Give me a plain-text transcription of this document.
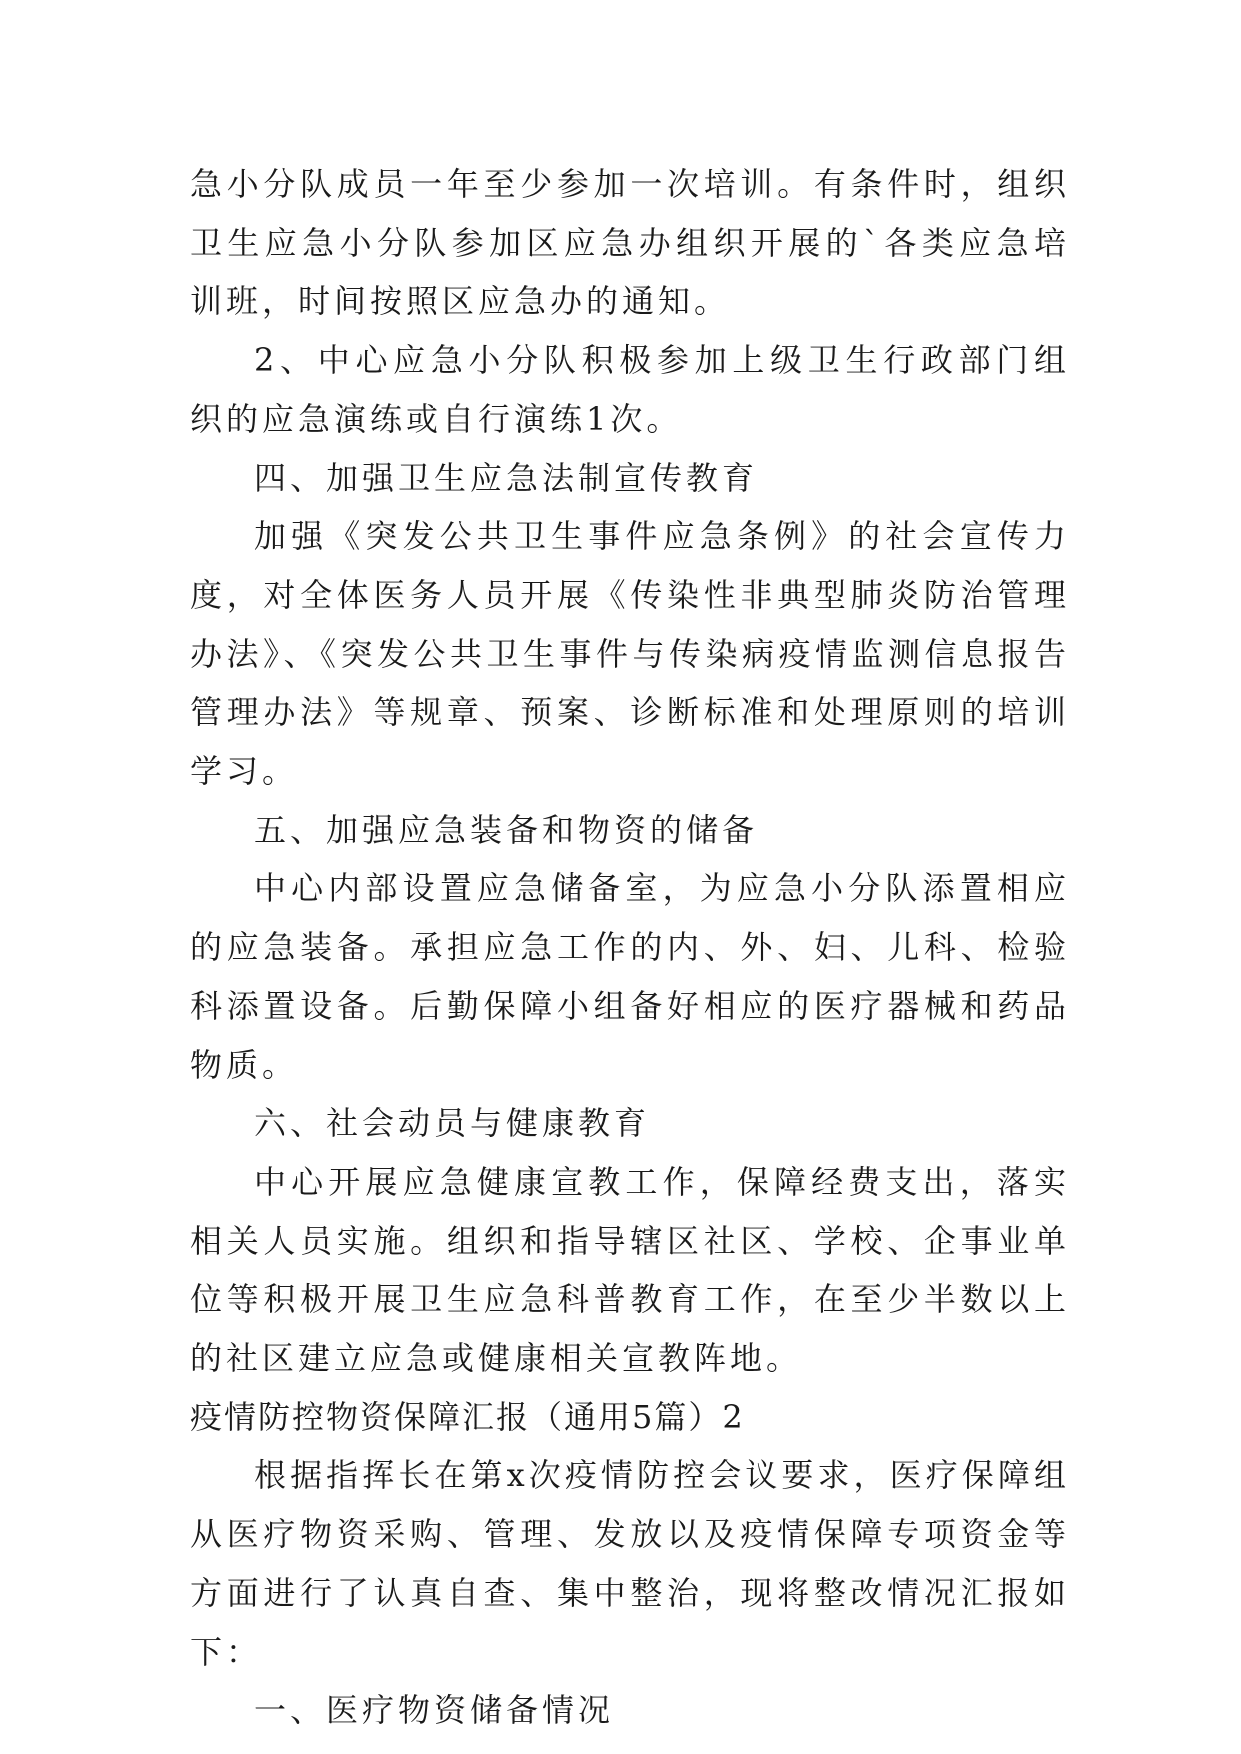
急小分队成员一年至少参加一次培训。有条件时，组织卫生应急小分队参加区应急办组织开展的`各类应急培训班，时间按照区应急办的通知。

2、中心应急小分队积极参加上级卫生行政部门组织的应急演练或自行演练1次。

四、加强卫生应急法制宣传教育

加强《突发公共卫生事件应急条例》的社会宣传力度，对全体医务人员开展《传染性非典型肺炎防治管理办法》、《突发公共卫生事件与传染病疫情监测信息报告管理办法》等规章、预案、诊断标准和处理原则的培训学习。

五、加强应急装备和物资的储备

中心内部设置应急储备室，为应急小分队添置相应的应急装备。承担应急工作的内、外、妇、儿科、检验科添置设备。后勤保障小组备好相应的医疗器械和药品物质。

六、社会动员与健康教育

中心开展应急健康宣教工作，保障经费支出，落实相关人员实施。组织和指导辖区社区、学校、企事业单位等积极开展卫生应急科普教育工作，在至少半数以上的社区建立应急或健康相关宣教阵地。

疫情防控物资保障汇报（通用5篇）2

根据指挥长在第x次疫情防控会议要求，医疗保障组从医疗物资采购、管理、发放以及疫情保障专项资金等方面进行了认真自查、集中整治，现将整改情况汇报如下：

一、医疗物资储备情况
